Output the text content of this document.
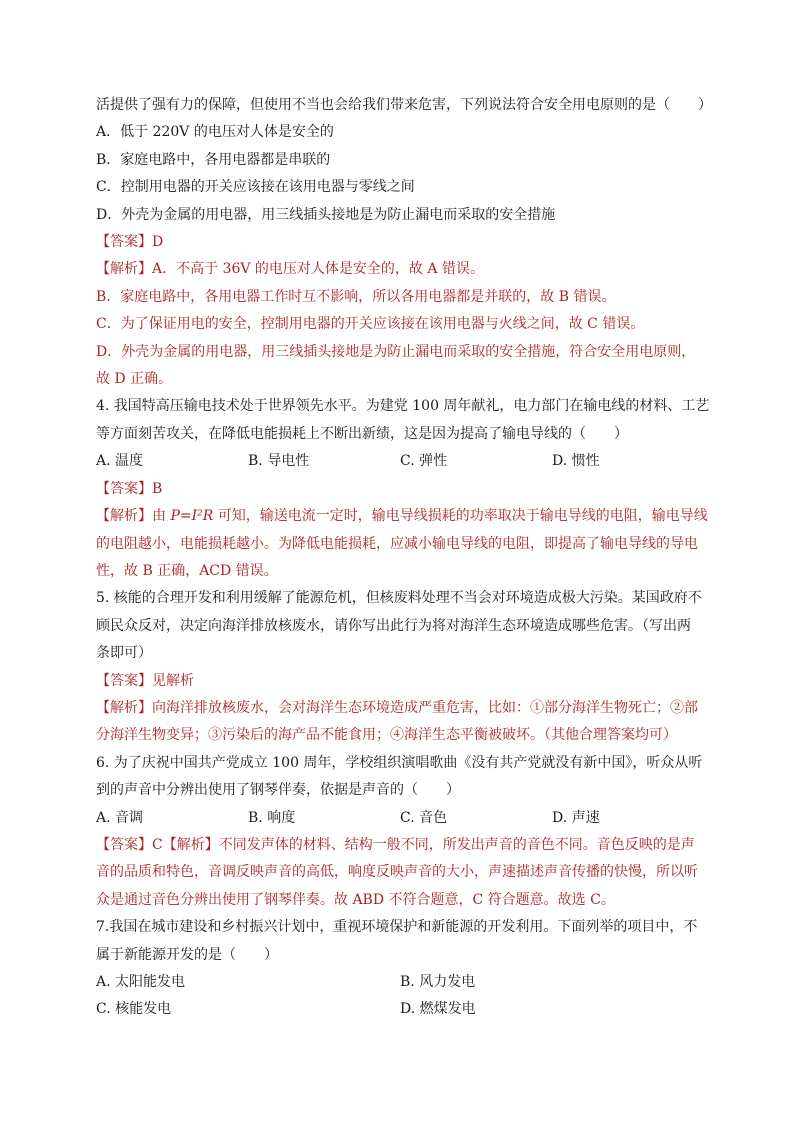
活提供了强有力的保障，但使用不当也会给我们带来危害，下列说法符合安全用电原则的是（　　）
A．低于 220V 的电压对人体是安全的
B．家庭电路中，各用电器都是串联的
C．控制用电器的开关应该接在该用电器与零线之间
D．外壳为金属的用电器，用三线插头接地是为防止漏电而采取的安全措施
【答案】D
【解析】A．不高于 36V 的电压对人体是安全的，故 A 错误。
B．家庭电路中，各用电器工作时互不影响，所以各用电器都是并联的，故 B 错误。
C．为了保证用电的安全，控制用电器的开关应该接在该用电器与火线之间，故 C 错误。
D．外壳为金属的用电器，用三线插头接地是为防止漏电而采取的安全措施，符合安全用电原则，
故 D 正确。
4. 我国特高压输电技术处于世界领先水平。为建党 100 周年献礼，电力部门在输电线的材料、工艺
等方面刻苦攻关，在降低电能损耗上不断出新绩，这是因为提高了输电导线的（　　）
A. 温度	B. 导电性	C. 弹性	D. 惯性
【答案】B
【解析】由 P=I²R 可知，输送电流一定时，输电导线损耗的功率取决于输电导线的电阻，输电导线
的电阻越小，电能损耗越小。为降低电能损耗，应减小输电导线的电阻，即提高了输电导线的导电
性，故 B 正确，ACD 错误。
5. 核能的合理开发和利用缓解了能源危机，但核废料处理不当会对环境造成极大污染。某国政府不
顾民众反对，决定向海洋排放核废水，请你写出此行为将对海洋生态环境造成哪些危害。（写出两
条即可）
【答案】见解析
【解析】向海洋排放核废水，会对海洋生态环境造成严重危害，比如：①部分海洋生物死亡；②部
分海洋生物变异；③污染后的海产品不能食用；④海洋生态平衡被破坏。（其他合理答案均可）
6. 为了庆祝中国共产党成立 100 周年，学校组织演唱歌曲《没有共产党就没有新中国》，听众从听
到的声音中分辨出使用了钢琴伴奏，依据是声音的（　　）
A. 音调	B. 响度	C. 音色	D. 声速
【答案】C【解析】不同发声体的材料、结构一般不同，所发出声音的音色不同。音色反映的是声
音的品质和特色，音调反映声音的高低，响度反映声音的大小，声速描述声音传播的快慢，所以听
众是通过音色分辨出使用了钢琴伴奏。故 ABD 不符合题意，C 符合题意。故选 C。
7.我国在城市建设和乡村振兴计划中，重视环境保护和新能源的开发利用。下面列举的项目中，不
属于新能源开发的是（　　）
A. 太阳能发电	B. 风力发电
C. 核能发电	D. 燃煤发电
